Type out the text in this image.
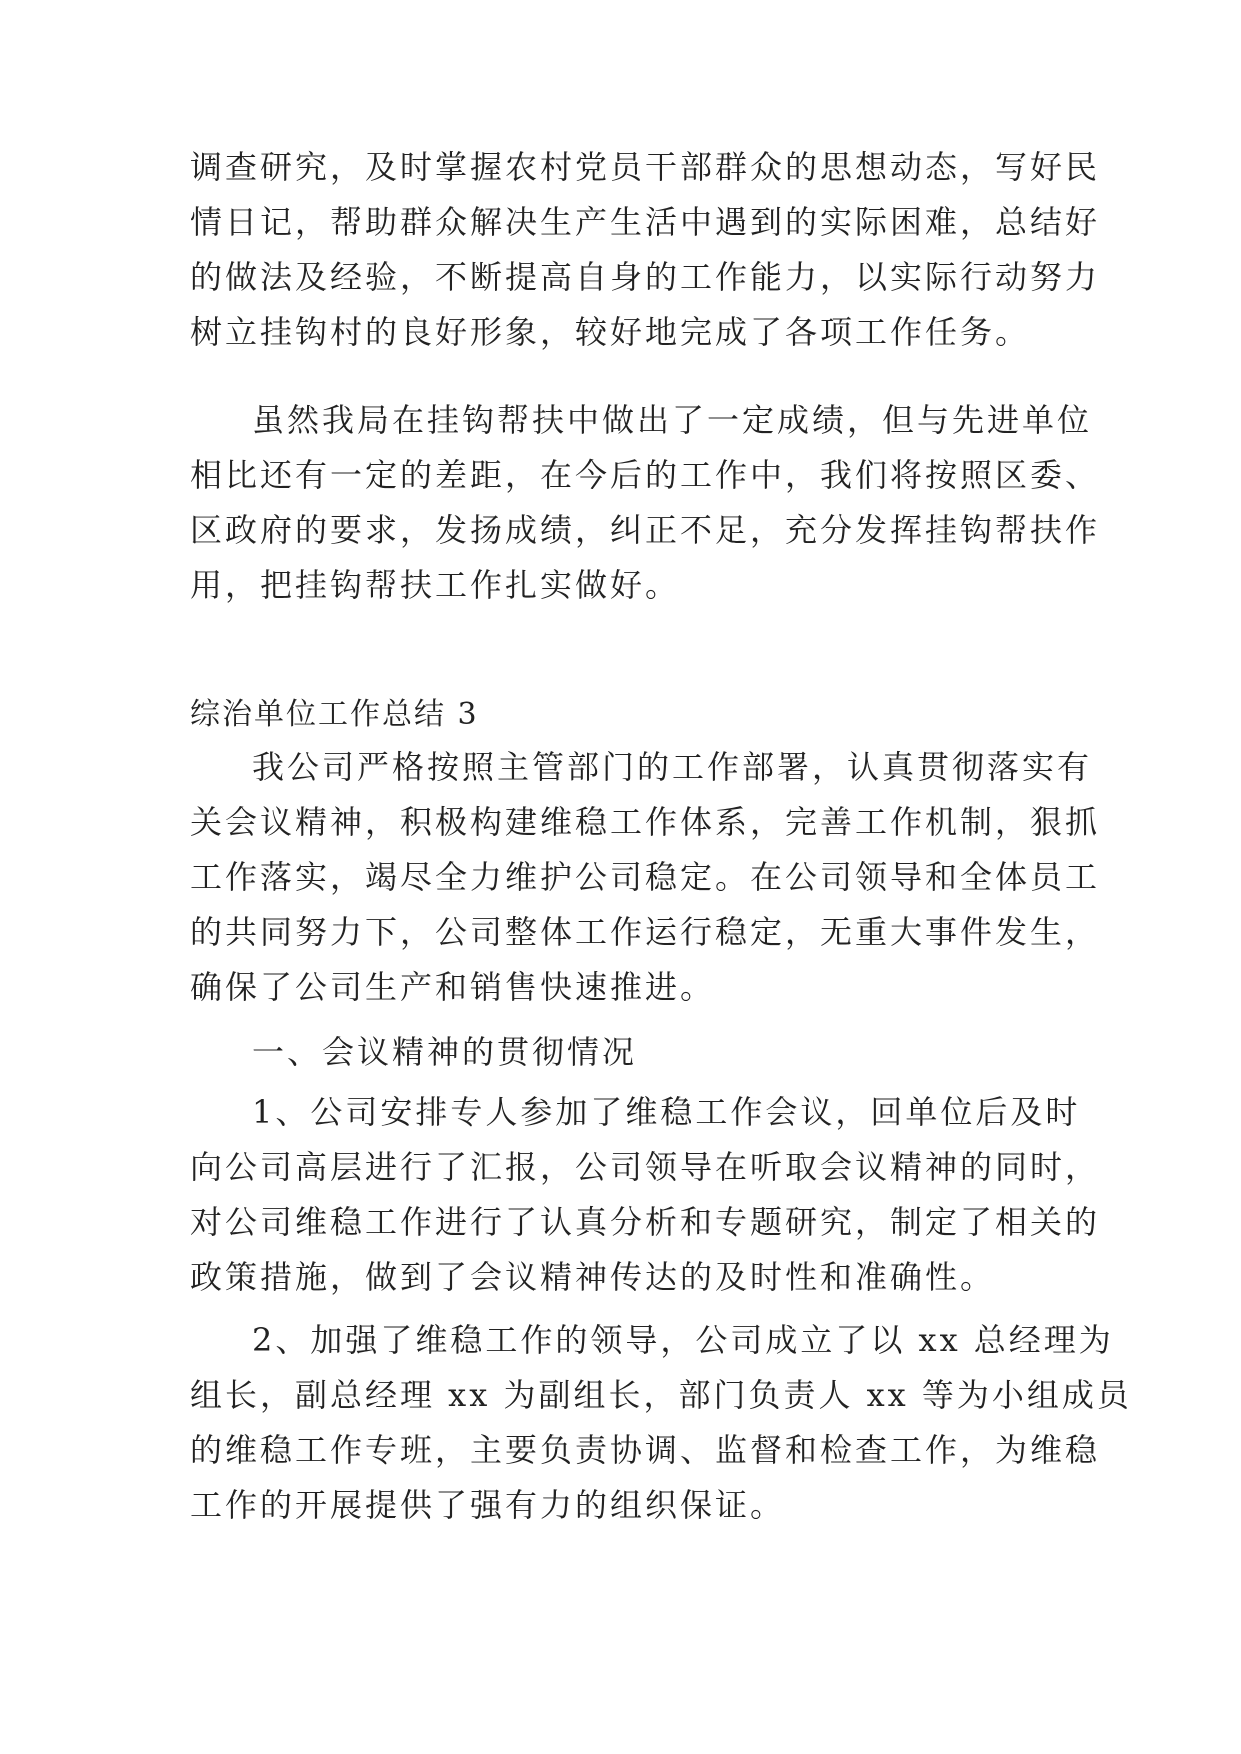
调查研究，及时掌握农村党员干部群众的思想动态，写好民
情日记，帮助群众解决生产生活中遇到的实际困难，总结好
的做法及经验，不断提高自身的工作能力，以实际行动努力
树立挂钩村的良好形象，较好地完成了各项工作任务。
虽然我局在挂钩帮扶中做出了一定成绩，但与先进单位
相比还有一定的差距，在今后的工作中，我们将按照区委、
区政府的要求，发扬成绩，纠正不足，充分发挥挂钩帮扶作
用，把挂钩帮扶工作扎实做好。
综治单位工作总结 3
我公司严格按照主管部门的工作部署，认真贯彻落实有
关会议精神，积极构建维稳工作体系，完善工作机制，狠抓
工作落实，竭尽全力维护公司稳定。在公司领导和全体员工
的共同努力下，公司整体工作运行稳定，无重大事件发生，
确保了公司生产和销售快速推进。
一、会议精神的贯彻情况
1、公司安排专人参加了维稳工作会议，回单位后及时
向公司高层进行了汇报，公司领导在听取会议精神的同时，
对公司维稳工作进行了认真分析和专题研究，制定了相关的
政策措施，做到了会议精神传达的及时性和准确性。
2、加强了维稳工作的领导，公司成立了以 xx 总经理为
组长，副总经理 xx 为副组长，部门负责人 xx 等为小组成员
的维稳工作专班，主要负责协调、监督和检查工作，为维稳
工作的开展提供了强有力的组织保证。
